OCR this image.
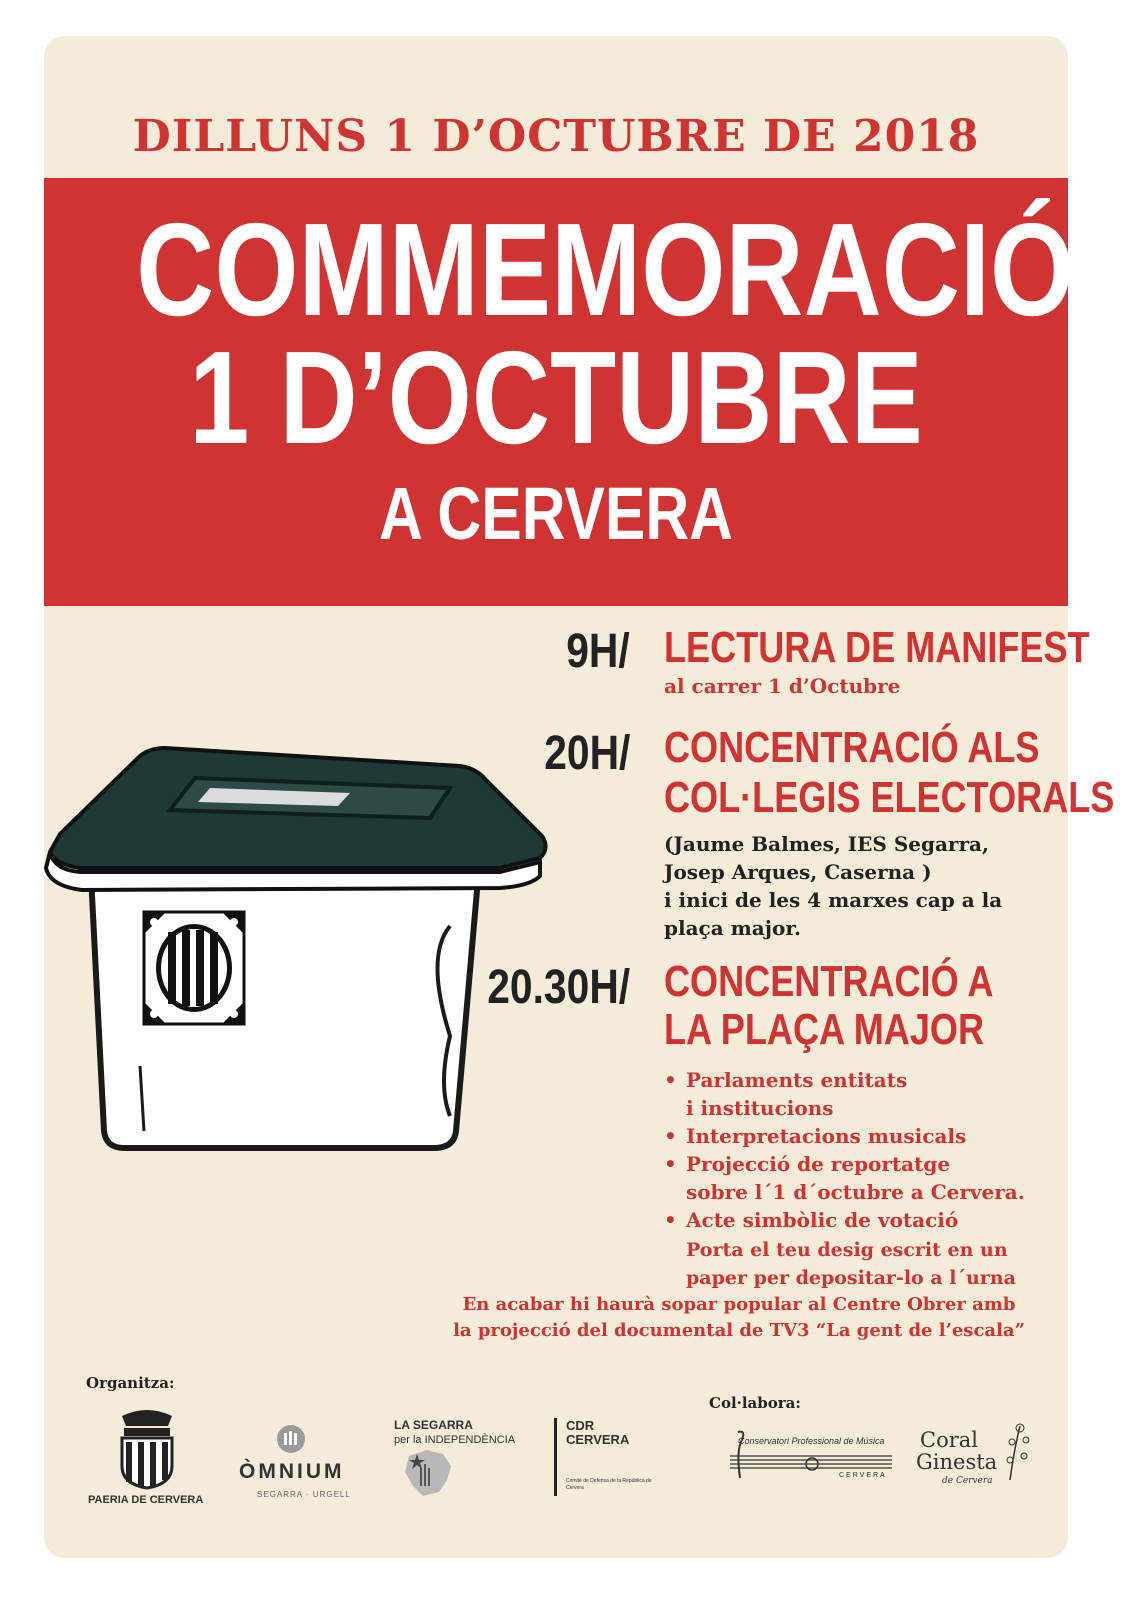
DILLUNS 1 D’OCTUBRE DE 2018
COMMEMORACIÓ
1 D’OCTUBRE
A CERVERA
9H/ LECTURA DE MANIFEST
al carrer 1 d’Octubre
20H/ CONCENTRACIÓ ALS
COL·LEGIS ELECTORALS
(Jaume Balmes, IES Segarra,
Josep Arques, Caserna )
i inici de les 4 marxes cap a la
plaça major.
20.30H/ CONCENTRACIÓ A
LA PLAÇA MAJOR
• Parlaments entitats
i institucions
• Interpretacions musicals
• Projecció de reportatge
sobre l´1 d´octubre a Cervera.
• Acte simbòlic de votació
Porta el teu desig escrit en un
paper per depositar-lo a l´urna
En acabar hi haurà sopar popular al Centre Obrer amb
la projecció del documental de TV3 “La gent de l’escala”
Organitza:
Col·labora:
PAERIA DE CERVERA
ÒMNIUM
SEGARRA · URGELL
LA SEGARRA
per la INDEPENDÈNCIA
CDR
CERVERA
Comitè de Defensa de la República de Cervera
Conservatori Professional de Música
CERVERA
Coral
Ginesta
de Cervera
